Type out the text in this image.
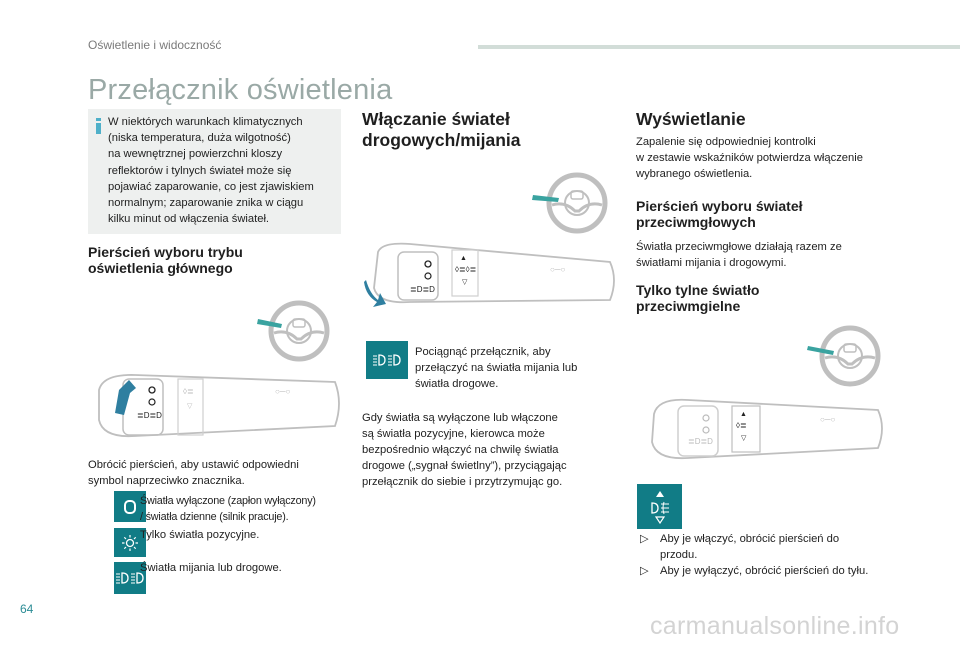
Oświetlenie i widoczność
Przełącznik oświetlenia
W niektórych warunkach klimatycznych
(niska temperatura, duża wilgotność)
na wewnętrznej powierzchni kloszy
reflektorów i tylnych świateł może się
pojawiać zaparowanie, co jest zjawiskiem
normalnym; zaparowanie znika w ciągu
kilku minut od włączenia świateł.
Pierścień wyboru trybu
oświetlenia głównego
≣D≣D
◊≣
▽
○─○
Obrócić pierścień, aby ustawić odpowiedni
symbol naprzeciwko znacznika.
Światła wyłączone (zapłon wyłączony)
/ światła dzienne (silnik pracuje).
Tylko światła pozycyjne.
Światła mijania lub drogowe.
Włączanie świateł
drogowych/mijania
≣D≣D
▲
◊≣◊≣
▽
○─○
Pociągnąć przełącznik, aby
przełączyć na światła mijania lub
światła drogowe.
Gdy światła są wyłączone lub włączone
są światła pozycyjne, kierowca może
bezpośrednio włączyć na chwilę światła
drogowe („sygnał świetlny”), przyciągając
przełącznik do siebie i przytrzymując go.
Wyświetlanie
Zapalenie się odpowiedniej kontrolki
w zestawie wskaźników potwierdza włączenie
wybranego oświetlenia.
Pierścień wyboru świateł
przeciwmgłowych
Światła przeciwmgłowe działają razem ze
światłami mijania i drogowymi.
Tylko tylne światło
przeciwmgielne
≣D≣D
▲
◊≣
▽
○─○
▷	Aby je włączyć, obrócić pierścień do
przodu.
▷	Aby je wyłączyć, obrócić pierścień do tyłu.
64
carmanualsonline.info
